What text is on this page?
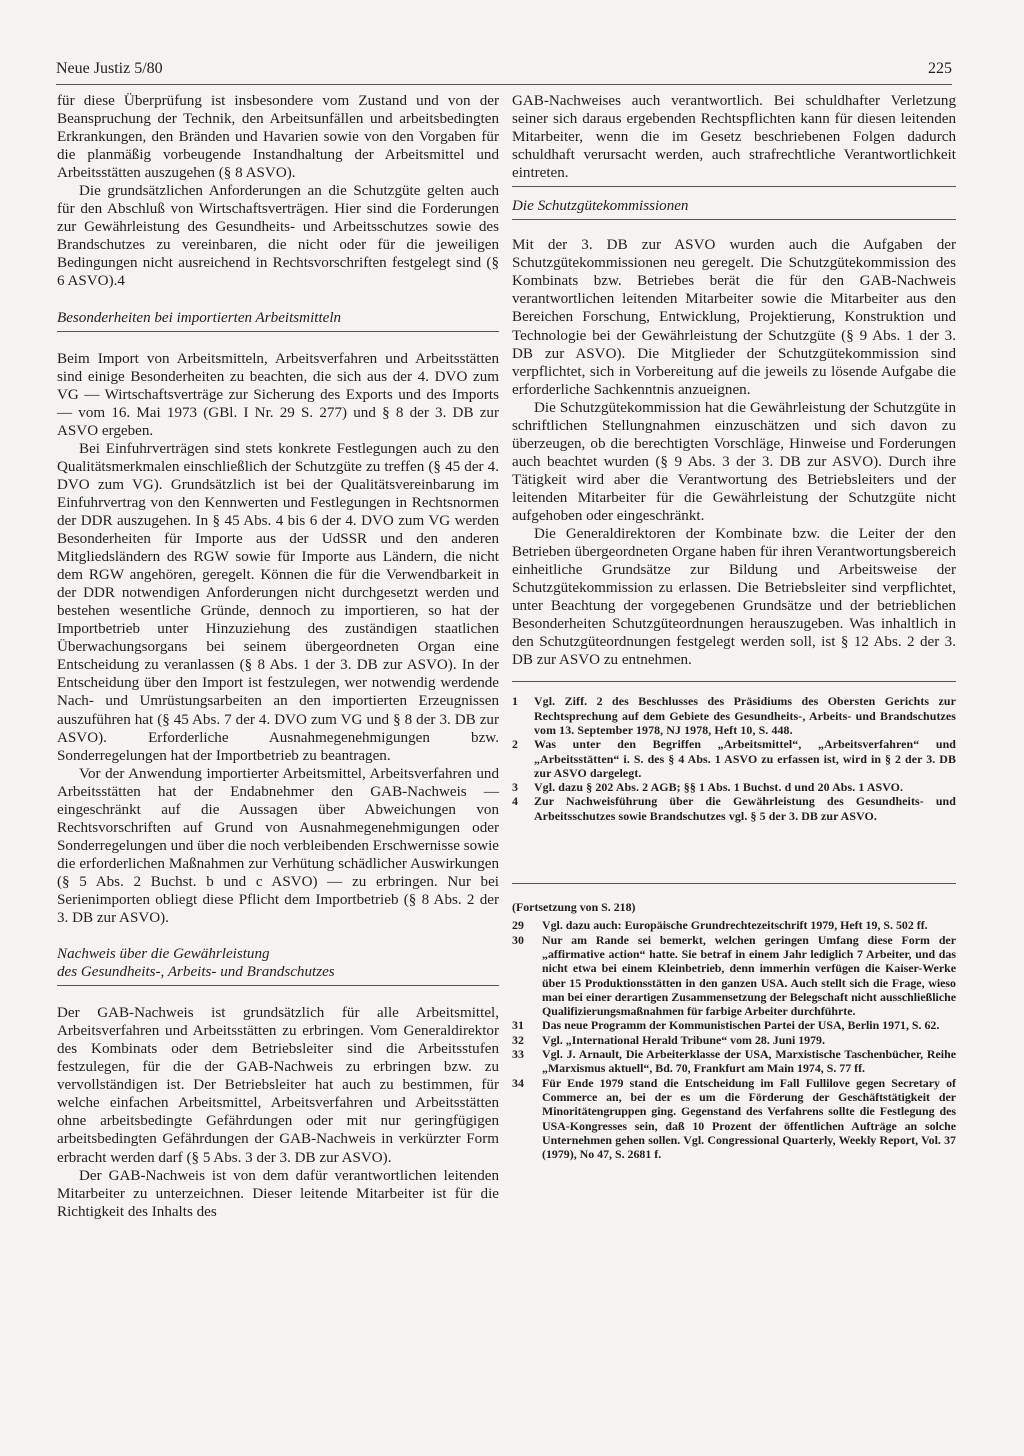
Neue Justiz 5/80	225

für diese Überprüfung ist insbesondere vom Zustand und von der Beanspruchung der Technik, den Arbeitsunfällen und arbeitsbedingten Erkrankungen, den Bränden und Havarien sowie von den Vorgaben für die planmäßig vorbeugende Instandhaltung der Arbeitsmittel und Arbeitsstätten auszugehen (§ 8 ASVO).

Die grundsätzlichen Anforderungen an die Schutzgüte gelten auch für den Abschluß von Wirtschaftsverträgen. Hier sind die Forderungen zur Gewährleistung des Gesundheits- und Arbeitsschutzes sowie des Brandschutzes zu vereinbaren, die nicht oder für die jeweiligen Bedingungen nicht ausreichend in Rechtsvorschriften festgelegt sind (§ 6 ASVO).4

Besonderheiten bei importierten Arbeitsmitteln

Beim Import von Arbeitsmitteln, Arbeitsverfahren und Arbeitsstätten sind einige Besonderheiten zu beachten, die sich aus der 4. DVO zum VG — Wirtschaftsverträge zur Sicherung des Exports und des Imports — vom 16. Mai 1973 (GBl. I Nr. 29 S. 277) und § 8 der 3. DB zur ASVO ergeben.

Bei Einfuhrverträgen sind stets konkrete Festlegungen auch zu den Qualitätsmerkmalen einschließlich der Schutzgüte zu treffen (§ 45 der 4. DVO zum VG). Grundsätzlich ist bei der Qualitätsvereinbarung im Einfuhrvertrag von den Kennwerten und Festlegungen in Rechtsnormen der DDR auszugehen. In § 45 Abs. 4 bis 6 der 4. DVO zum VG werden Besonderheiten für Importe aus der UdSSR und den anderen Mitgliedsländern des RGW sowie für Importe aus Ländern, die nicht dem RGW angehören, geregelt. Können die für die Verwendbarkeit in der DDR notwendigen Anforderungen nicht durchgesetzt werden und bestehen wesentliche Gründe, dennoch zu importieren, so hat der Importbetrieb unter Hinzuziehung des zuständigen staatlichen Überwachungsorgans bei seinem übergeordneten Organ eine Entscheidung zu veranlassen (§ 8 Abs. 1 der 3. DB zur ASVO). In der Entscheidung über den Import ist festzulegen, wer notwendig werdende Nach- und Umrüstungsarbeiten an den importierten Erzeugnissen auszuführen hat (§ 45 Abs. 7 der 4. DVO zum VG und § 8 der 3. DB zur ASVO). Erforderliche Ausnahmegenehmigungen bzw. Sonderregelungen hat der Importbetrieb zu beantragen.

Vor der Anwendung importierter Arbeitsmittel, Arbeitsverfahren und Arbeitsstätten hat der Endabnehmer den GAB-Nachweis — eingeschränkt auf die Aussagen über Abweichungen von Rechtsvorschriften auf Grund von Ausnahmegenehmigungen oder Sonderregelungen und über die noch verbleibenden Erschwernisse sowie die erforderlichen Maßnahmen zur Verhütung schädlicher Auswirkungen (§ 5 Abs. 2 Buchst. b und c ASVO) — zu erbringen. Nur bei Serienimporten obliegt diese Pflicht dem Importbetrieb (§ 8 Abs. 2 der 3. DB zur ASVO).

Nachweis über die Gewährleistung

des Gesundheits-, Arbeits- und Brandschutzes

Der GAB-Nachweis ist grundsätzlich für alle Arbeitsmittel, Arbeitsverfahren und Arbeitsstätten zu erbringen. Vom Generaldirektor des Kombinats oder dem Betriebsleiter sind die Arbeitsstufen festzulegen, für die der GAB-Nachweis zu erbringen bzw. zu vervollständigen ist. Der Betriebsleiter hat auch zu bestimmen, für welche einfachen Arbeitsmittel, Arbeitsverfahren und Arbeitsstätten ohne arbeitsbedingte Gefährdungen oder mit nur geringfügigen arbeitsbedingten Gefährdungen der GAB-Nachweis in verkürzter Form erbracht werden darf (§ 5 Abs. 3 der 3. DB zur ASVO).

Der GAB-Nachweis ist von dem dafür verantwortlichen leitenden Mitarbeiter zu unterzeichnen. Dieser leitende Mitarbeiter ist für die Richtigkeit des Inhalts des

GAB-Nachweises auch verantwortlich. Bei schuldhafter Verletzung seiner sich daraus ergebenden Rechtspflichten kann für diesen leitenden Mitarbeiter, wenn die im Gesetz beschriebenen Folgen dadurch schuldhaft verursacht werden, auch strafrechtliche Verantwortlichkeit eintreten.

Die Schutzgütekommissionen

Mit der 3. DB zur ASVO wurden auch die Aufgaben der Schutzgütekommissionen neu geregelt. Die Schutzgütekommission des Kombinats bzw. Betriebes berät die für den GAB-Nachweis verantwortlichen leitenden Mitarbeiter sowie die Mitarbeiter aus den Bereichen Forschung, Entwicklung, Projektierung, Konstruktion und Technologie bei der Gewährleistung der Schutzgüte (§ 9 Abs. 1 der 3. DB zur ASVO). Die Mitglieder der Schutzgütekommission sind verpflichtet, sich in Vorbereitung auf die jeweils zu lösende Aufgabe die erforderliche Sachkenntnis anzueignen.

Die Schutzgütekommission hat die Gewährleistung der Schutzgüte in schriftlichen Stellungnahmen einzuschätzen und sich davon zu überzeugen, ob die berechtigten Vorschläge, Hinweise und Forderungen auch beachtet wurden (§ 9 Abs. 3 der 3. DB zur ASVO). Durch ihre Tätigkeit wird aber die Verantwortung des Betriebsleiters und der leitenden Mitarbeiter für die Gewährleistung der Schutzgüte nicht aufgehoben oder eingeschränkt.

Die Generaldirektoren der Kombinate bzw. die Leiter der den Betrieben übergeordneten Organe haben für ihren Verantwortungsbereich einheitliche Grundsätze zur Bildung und Arbeitsweise der Schutzgütekommission zu erlassen. Die Betriebsleiter sind verpflichtet, unter Beachtung der vorgegebenen Grundsätze und der betrieblichen Besonderheiten Schutzgüteordnungen herauszugeben. Was inhaltlich in den Schutzgüteordnungen festgelegt werden soll, ist § 12 Abs. 2 der 3. DB zur ASVO zu entnehmen.

1 Vgl. Ziff. 2 des Beschlusses des Präsidiums des Obersten Gerichts zur Rechtsprechung auf dem Gebiete des Gesundheits-, Arbeits- und Brandschutzes vom 13. September 1978, NJ 1978, Heft 10, S. 448.
2 Was unter den Begriffen „Arbeitsmittel“, „Arbeitsverfahren“ und „Arbeitsstätten“ i. S. des § 4 Abs. 1 ASVO zu erfassen ist, wird in § 2 der 3. DB zur ASVO dargelegt.
3 Vgl. dazu § 202 Abs. 2 AGB; §§ 1 Abs. 1 Buchst. d und 20 Abs. 1 ASVO.
4 Zur Nachweisführung über die Gewährleistung des Gesundheits- und Arbeitsschutzes sowie Brandschutzes vgl. § 5 der 3. DB zur ASVO.

(Fortsetzung von S. 218)

29 Vgl. dazu auch: Europäische Grundrechtezeitschrift 1979, Heft 19, S. 502 ff.
30 Nur am Rande sei bemerkt, welchen geringen Umfang diese Form der „affirmative action“ hatte. Sie betraf in einem Jahr lediglich 7 Arbeiter, und das nicht etwa bei einem Kleinbetrieb, denn immerhin verfügen die Kaiser-Werke über 15 Produktionsstätten in den ganzen USA. Auch stellt sich die Frage, wieso man bei einer derartigen Zusammensetzung der Belegschaft nicht ausschließliche Qualifizierungsmaßnahmen für farbige Arbeiter durchführte.
31 Das neue Programm der Kommunistischen Partei der USA, Berlin 1971, S. 62.
32 Vgl. „International Herald Tribune“ vom 28. Juni 1979.
33 Vgl. J. Arnault, Die Arbeiterklasse der USA, Marxistische Taschenbücher, Reihe „Marxismus aktuell“, Bd. 70, Frankfurt am Main 1974, S. 77 ff.
34 Für Ende 1979 stand die Entscheidung im Fall Fullilove gegen Secretary of Commerce an, bei der es um die Förderung der Geschäftstätigkeit der Minoritätengruppen ging. Gegenstand des Verfahrens sollte die Festlegung des USA-Kongresses sein, daß 10 Prozent der öffentlichen Aufträge an solche Unternehmen gehen sollen. Vgl. Congressional Quarterly, Weekly Report, Vol. 37 (1979), No 47, S. 2681 f.
